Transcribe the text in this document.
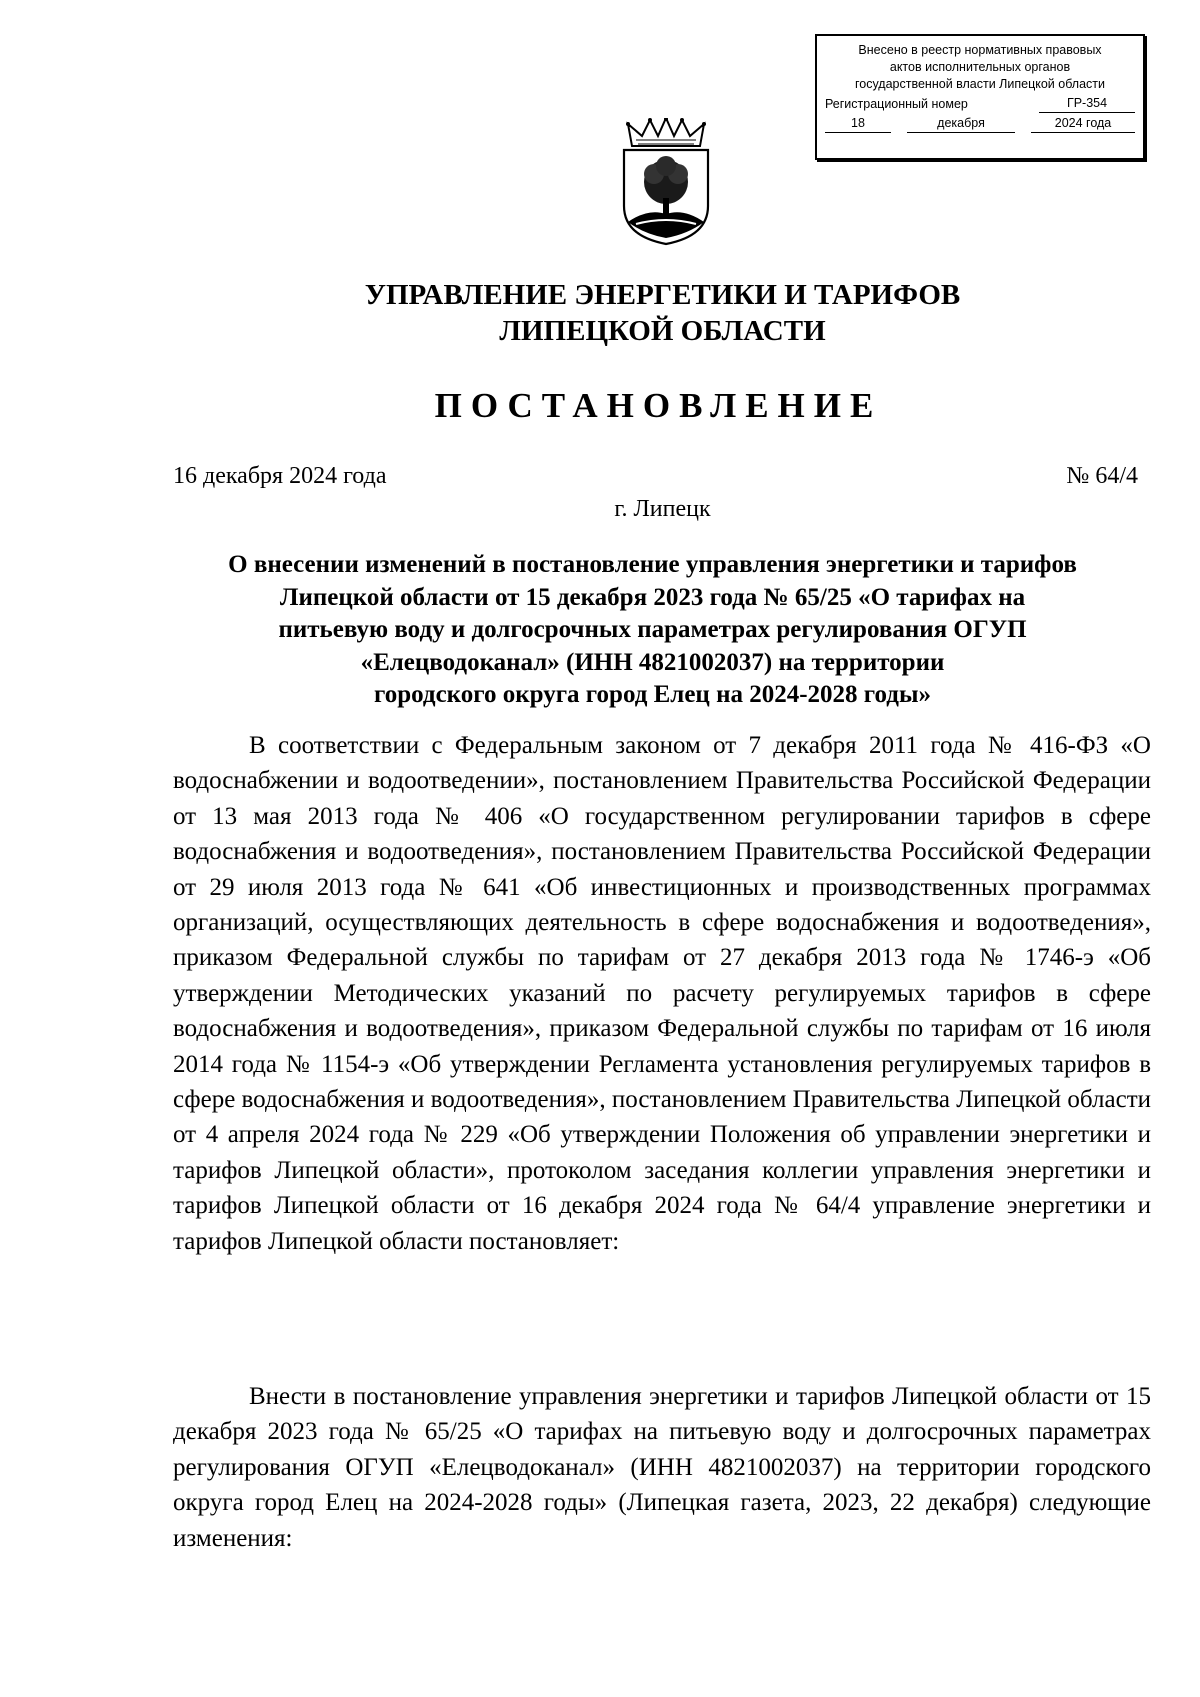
Внесено в реестр нормативных правовых
актов исполнительных органов
государственной власти Липецкой области
Регистрационный номер	ГР-354
18	декабря	2024 года
УПРАВЛЕНИЕ ЭНЕРГЕТИКИ И ТАРИФОВ
ЛИПЕЦКОЙ ОБЛАСТИ
ПОСТАНОВЛЕНИЕ
16 декабря 2024 года	№ 64/4
г. Липецк
О внесении изменений в постановление управления энергетики и тарифов
Липецкой области от 15 декабря 2023 года № 65/25 «О тарифах на
питьевую воду и долгосрочных параметрах регулирования ОГУП
«Елецводоканал» (ИНН 4821002037) на территории
городского округа город Елец на 2024-2028 годы»

В соответствии с Федеральным законом от 7 декабря 2011 года № 416-ФЗ «О водоснабжении и водоотведении», постановлением Правительства Российской Федерации от 13 мая 2013 года № 406 «О государственном регулировании тарифов в сфере водоснабжения и водоотведения», постановлением Правительства Российской Федерации от 29 июля 2013 года № 641 «Об инвестиционных и производственных программах организаций, осуществляющих деятельность в сфере водоснабжения и водоотведения», приказом Федеральной службы по тарифам от 27 декабря 2013 года № 1746-э «Об утверждении Методических указаний по расчету регулируемых тарифов в сфере водоснабжения и водоотведения», приказом Федеральной службы по тарифам от 16 июля 2014 года № 1154-э «Об утверждении Регламента установления регулируемых тарифов в сфере водоснабжения и водоотведения», постановлением Правительства Липецкой области от 4 апреля 2024 года № 229 «Об утверждении Положения об управлении энергетики и тарифов Липецкой области», протоколом заседания коллегии управления энергетики и тарифов Липецкой области от 16 декабря 2024 года № 64/4 управление энергетики и тарифов Липецкой области постановляет:

Внести в постановление управления энергетики и тарифов Липецкой области от 15 декабря 2023 года № 65/25 «О тарифах на питьевую воду и долгосрочных параметрах регулирования ОГУП «Елецводоканал» (ИНН 4821002037) на территории городского округа город Елец на 2024-2028 годы» (Липецкая газета, 2023, 22 декабря) следующие изменения:
